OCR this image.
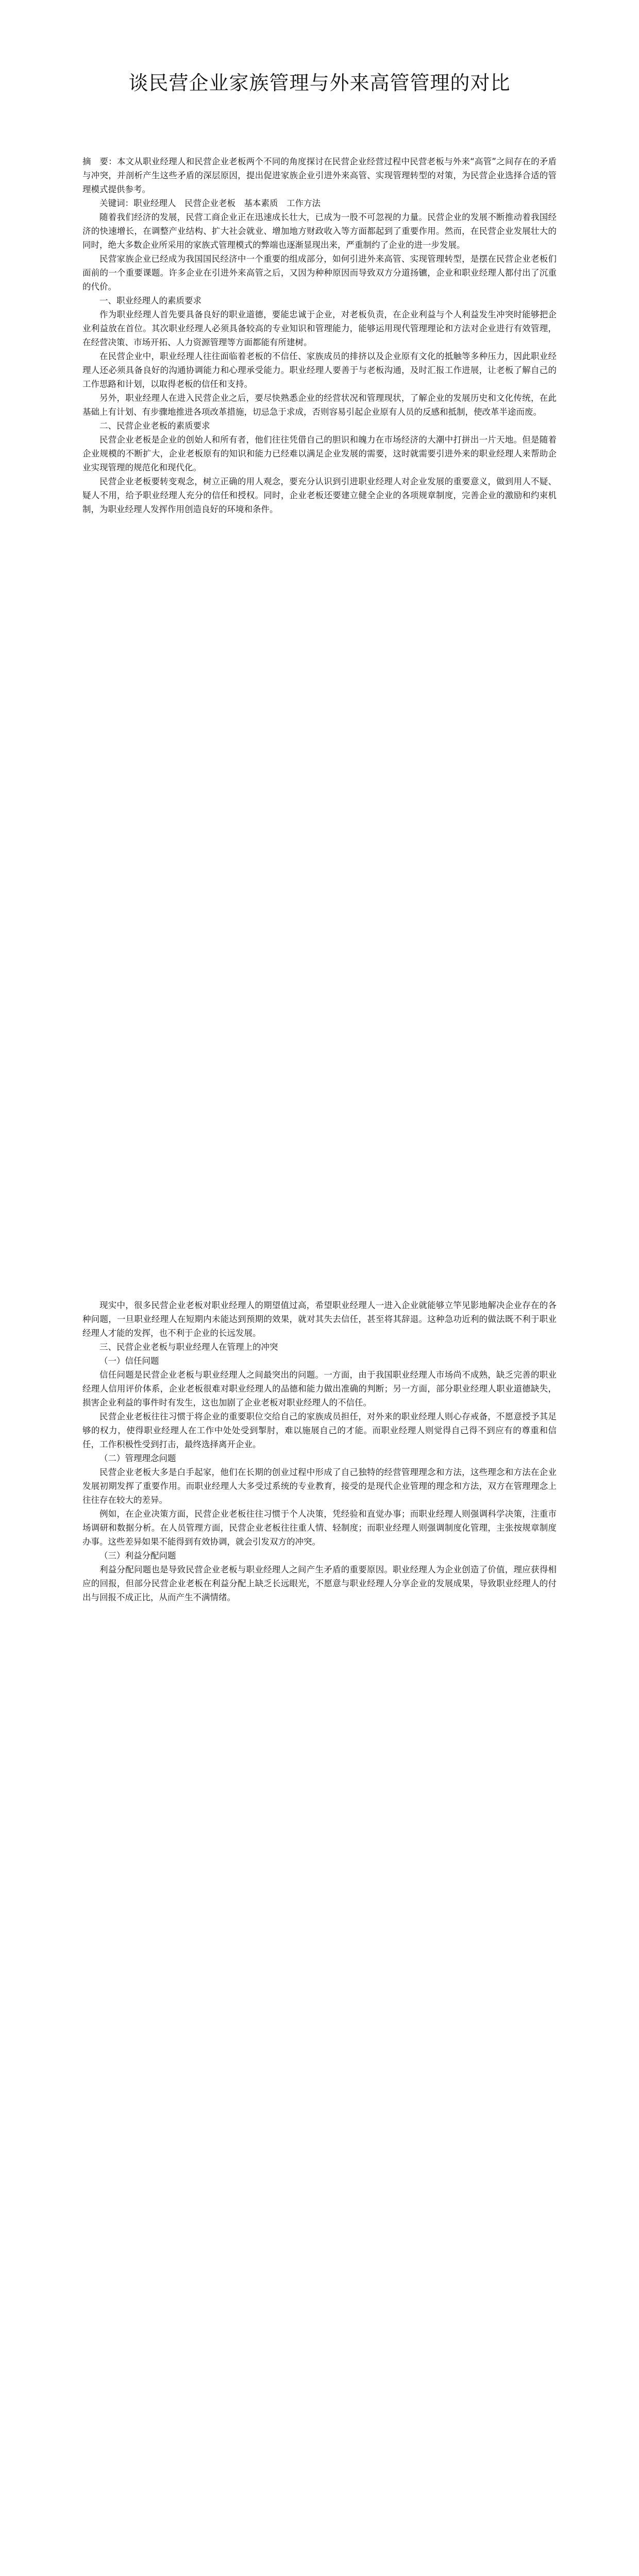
谈民营企业家族管理与外来高管管理的对比

摘　要：本文从职业经理人和民营企业老板两个不同的角度探讨在民营企业经营过程中民营老板与外来“高管”之间存在的矛盾与冲突，并剖析产生这些矛盾的深层原因，提出促进家族企业引进外来高管、实现管理转型的对策，为民营企业选择合适的管理模式提供参考。

关键词：职业经理人　民营企业老板　基本素质　工作方法

随着我们经济的发展，民营工商企业正在迅速成长壮大，已成为一股不可忽视的力量。民营企业的发展不断推动着我国经济的快速增长，在调整产业结构、扩大社会就业、增加地方财政收入等方面都起到了重要作用。然而，在民营企业发展壮大的同时，绝大多数企业所采用的家族式管理模式的弊端也逐渐显现出来，严重制约了企业的进一步发展。

民营家族企业已经成为我国国民经济中一个重要的组成部分，如何引进外来高管、实现管理转型，是摆在民营企业老板们面前的一个重要课题。许多企业在引进外来高管之后，又因为种种原因而导致双方分道扬镳，企业和职业经理人都付出了沉重的代价。

一、职业经理人的素质要求

作为职业经理人首先要具备良好的职业道德，要能忠诚于企业，对老板负责，在企业利益与个人利益发生冲突时能够把企业利益放在首位。其次职业经理人必须具备较高的专业知识和管理能力，能够运用现代管理理论和方法对企业进行有效管理，在经营决策、市场开拓、人力资源管理等方面都能有所建树。

在民营企业中，职业经理人往往面临着老板的不信任、家族成员的排挤以及企业原有文化的抵触等多种压力，因此职业经理人还必须具备良好的沟通协调能力和心理承受能力。职业经理人要善于与老板沟通，及时汇报工作进展，让老板了解自己的工作思路和计划，以取得老板的信任和支持。

另外，职业经理人在进入民营企业之后，要尽快熟悉企业的经营状况和管理现状，了解企业的发展历史和文化传统，在此基础上有计划、有步骤地推进各项改革措施，切忌急于求成，否则容易引起企业原有人员的反感和抵制，使改革半途而废。

二、民营企业老板的素质要求

民营企业老板是企业的创始人和所有者，他们往往凭借自己的胆识和魄力在市场经济的大潮中打拼出一片天地。但是随着企业规模的不断扩大，企业老板原有的知识和能力已经难以满足企业发展的需要，这时就需要引进外来的职业经理人来帮助企业实现管理的规范化和现代化。

民营企业老板要转变观念，树立正确的用人观念，要充分认识到引进职业经理人对企业发展的重要意义，做到用人不疑、疑人不用，给予职业经理人充分的信任和授权。同时，企业老板还要建立健全企业的各项规章制度，完善企业的激励和约束机制，为职业经理人发挥作用创造良好的环境和条件。

现实中，很多民营企业老板对职业经理人的期望值过高，希望职业经理人一进入企业就能够立竿见影地解决企业存在的各种问题，一旦职业经理人在短期内未能达到预期的效果，就对其失去信任，甚至将其辞退。这种急功近利的做法既不利于职业经理人才能的发挥，也不利于企业的长远发展。

三、民营企业老板与职业经理人在管理上的冲突

（一）信任问题

信任问题是民营企业老板与职业经理人之间最突出的问题。一方面，由于我国职业经理人市场尚不成熟，缺乏完善的职业经理人信用评价体系，企业老板很难对职业经理人的品德和能力做出准确的判断；另一方面，部分职业经理人职业道德缺失，损害企业利益的事件时有发生，这也加剧了企业老板对职业经理人的不信任。

民营企业老板往往习惯于将企业的重要职位交给自己的家族成员担任，对外来的职业经理人则心存戒备，不愿意授予其足够的权力，使得职业经理人在工作中处处受到掣肘，难以施展自己的才能。而职业经理人则觉得自己得不到应有的尊重和信任，工作积极性受到打击，最终选择离开企业。

（二）管理理念问题

民营企业老板大多是白手起家，他们在长期的创业过程中形成了自己独特的经营管理理念和方法，这些理念和方法在企业发展初期发挥了重要作用。而职业经理人大多受过系统的专业教育，接受的是现代企业管理的理念和方法，双方在管理理念上往往存在较大的差异。

例如，在企业决策方面，民营企业老板往往习惯于个人决策，凭经验和直觉办事；而职业经理人则强调科学决策，注重市场调研和数据分析。在人员管理方面，民营企业老板往往重人情、轻制度；而职业经理人则强调制度化管理，主张按规章制度办事。这些差异如果不能得到有效协调，就会引发双方的冲突。

（三）利益分配问题

利益分配问题也是导致民营企业老板与职业经理人之间产生矛盾的重要原因。职业经理人为企业创造了价值，理应获得相应的回报，但部分民营企业老板在利益分配上缺乏长远眼光，不愿意与职业经理人分享企业的发展成果，导致职业经理人的付出与回报不成正比，从而产生不满情绪。
